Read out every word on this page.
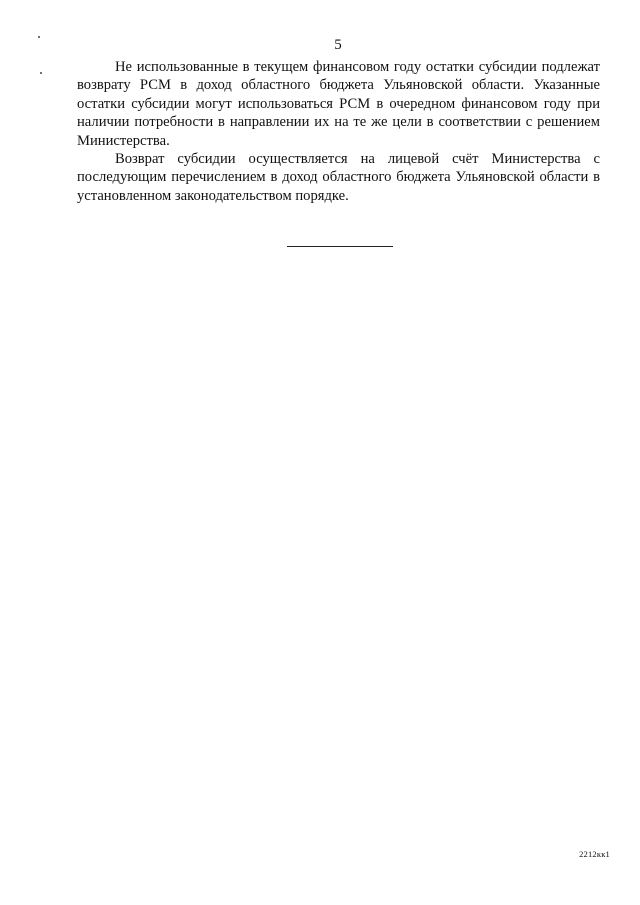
5

Не использованные в текущем финансовом году остатки субсидии подлежат возврату РСМ в доход областного бюджета Ульяновской области. Указанные остатки субсидии могут использоваться РСМ в очередном финансовом году при наличии потребности в направлении их на те же цели в соответствии с решением Министерства.

Возврат субсидии осуществляется на лицевой счёт Министерства с последующим перечислением в доход областного бюджета Ульяновской области в установленном законодательством порядке.

2212кк1
